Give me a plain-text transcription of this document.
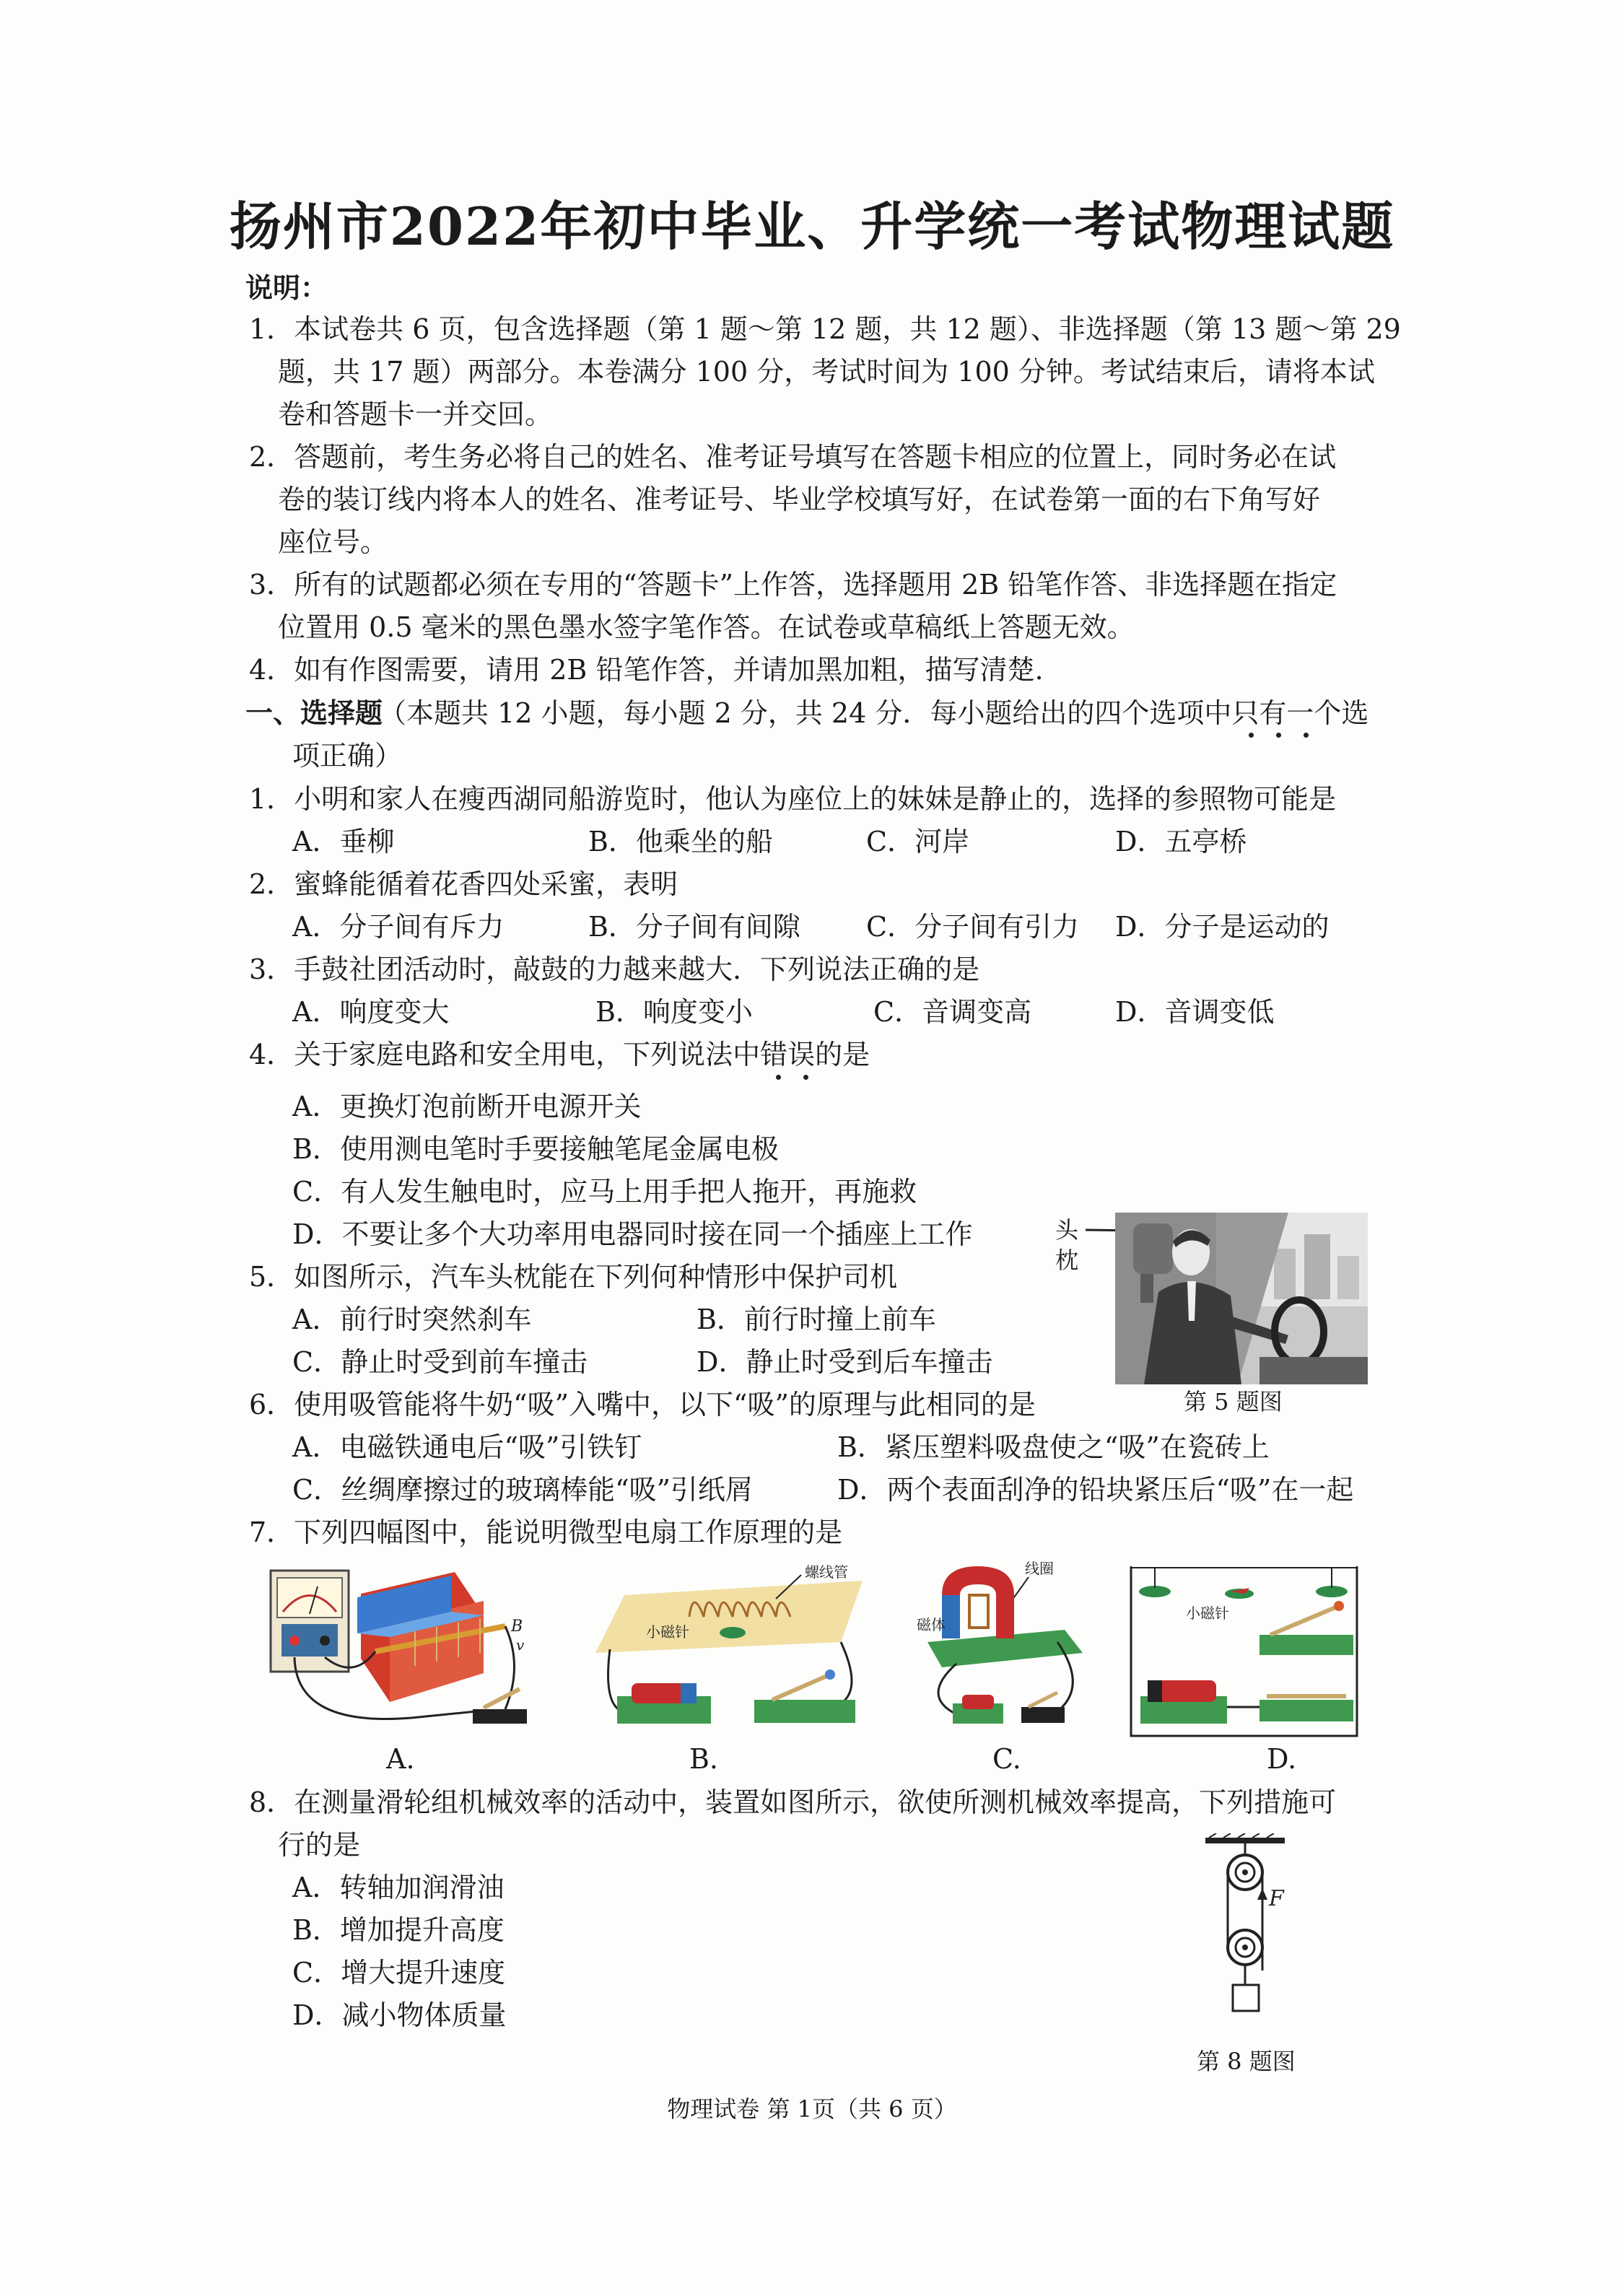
扬州市2022年初中毕业、升学统一考试物理试题
说明：
1．本试卷共 6 页，包含选择题（第 1 题～第 12 题，共 12 题）、非选择题（第 13 题～第 29
题，共 17 题）两部分。本卷满分 100 分，考试时间为 100 分钟。考试结束后，请将本试
卷和答题卡一并交回。
2．答题前，考生务必将自己的姓名、准考证号填写在答题卡相应的位置上，同时务必在试
卷的装订线内将本人的姓名、准考证号、毕业学校填写好，在试卷第一面的右下角写好
座位号。
3．所有的试题都必须在专用的“答题卡”上作答，选择题用 2B 铅笔作答、非选择题在指定
位置用 0.5 毫米的黑色墨水签字笔作答。在试卷或草稿纸上答题无效。
4．如有作图需要，请用 2B 铅笔作答，并请加黑加粗，描写清楚.
一、选择题
（本题共 12 小题，每小题 2 分，共 24 分．每小题给出的四个选项中只有一个选
项正确）
1．小明和家人在瘦西湖同船游览时，他认为座位上的妹妹是静止的，选择的参照物可能是
A．垂柳	B．他乘坐的船	C．河岸	D．五亭桥
2．蜜蜂能循着花香四处采蜜，表明
A．分子间有斥力	B．分子间有间隙 C．分子间有引力 D．分子是运动的
3．手鼓社团活动时，敲鼓的力越来越大．下列说法正确的是
A．响度变大	B．响度变小	C．音调变高	D．音调变低
4．关于家庭电路和安全用电，下列说法中错误的是
A．更换灯泡前断开电源开关
B．使用测电笔时手要接触笔尾金属电极
C．有人发生触电时，应马上用手把人拖开，再施救
D．不要让多个大功率用电器同时接在同一个插座上工作
5．如图所示，汽车头枕能在下列何种情形中保护司机
A．前行时突然刹车	B．前行时撞上前车
C．静止时受到前车撞击	D．静止时受到后车撞击
头
枕
第 5 题图
6．使用吸管能将牛奶“吸”入嘴中，以下“吸”的原理与此相同的是
A．电磁铁通电后“吸”引铁钉	B．紧压塑料吸盘使之“吸”在瓷砖上
C．丝绸摩擦过的玻璃棒能“吸”引纸屑	D．两个表面刮净的铅块紧压后“吸”在一起
7．下列四幅图中，能说明微型电扇工作原理的是
B
v
螺线管
小磁针
线圈
磁体
小磁针
A.	B.	C.	D.
8．在测量滑轮组机械效率的活动中，装置如图所示，欲使所测机械效率提高，下列措施可
行的是
A．转轴加润滑油
B．增加提升高度
C．增大提升速度
D．减小物体质量
F
第 8 题图
物理试卷 第 1页（共 6 页）
